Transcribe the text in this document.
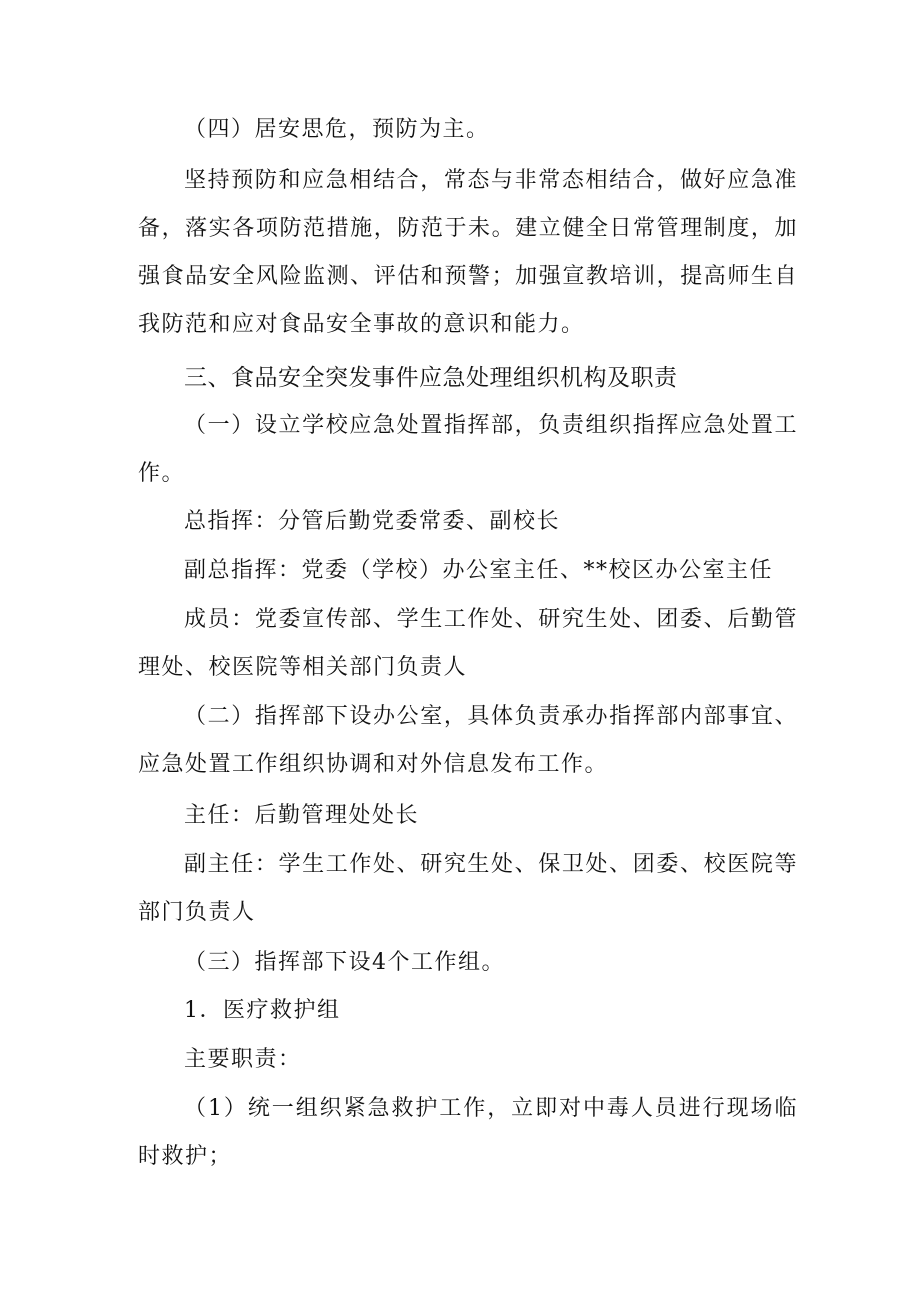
（四）居安思危，预防为主。

坚持预防和应急相结合，常态与非常态相结合，做好应急准备，落实各项防范措施，防范于未。建立健全日常管理制度，加强食品安全风险监测、评估和预警；加强宣教培训，提高师生自我防范和应对食品安全事故的意识和能力。

三、食品安全突发事件应急处理组织机构及职责

（一）设立学校应急处置指挥部，负责组织指挥应急处置工作。

总指挥：分管后勤党委常委、副校长

副总指挥：党委（学校）办公室主任、**校区办公室主任

成员：党委宣传部、学生工作处、研究生处、团委、后勤管理处、校医院等相关部门负责人

（二）指挥部下设办公室，具体负责承办指挥部内部事宜、应急处置工作组织协调和对外信息发布工作。

主任：后勤管理处处长

副主任：学生工作处、研究生处、保卫处、团委、校医院等部门负责人

（三）指挥部下设4个工作组。

1．医疗救护组

主要职责：

（1）统一组织紧急救护工作，立即对中毒人员进行现场临时救护；
